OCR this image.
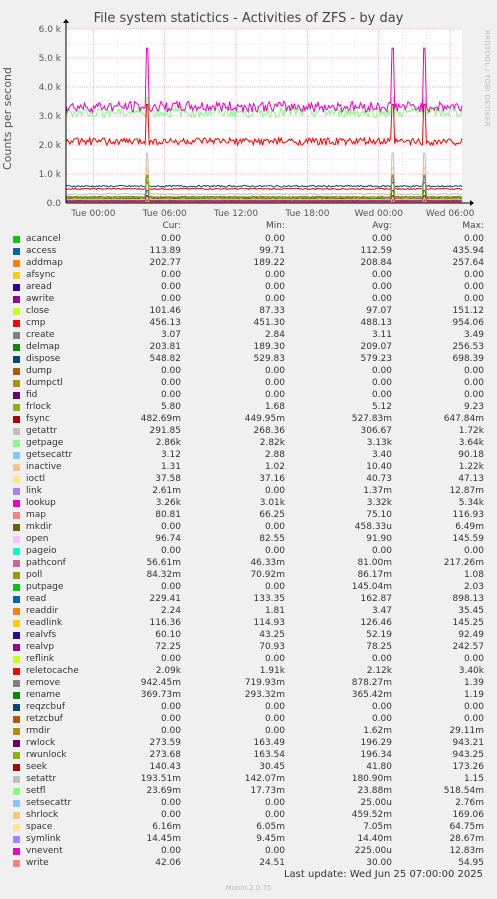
File system statictics - Activities of ZFS - by day
RRDTOOL / TOBI OETIKER
Counts per second
0.0
1.0 k
2.0 k
3.0 k
4.0 k
5.0 k
6.0 k
Tue 00:00	Tue 06:00	Tue 12:00	Tue 18:00	Wed 00:00	Wed 06:00
Cur:	Min:	Avg:	Max:
acancel	0.00	0.00	0.00	0.00
access	113.89	99.71	112.59	435.94
addmap	202.77	189.22	208.84	257.64
afsync	0.00	0.00	0.00	0.00
aread	0.00	0.00	0.00	0.00
awrite	0.00	0.00	0.00	0.00
close	101.46	87.33	97.07	151.12
cmp	456.13	451.30	488.13	954.06
create	3.07	2.84	3.11	3.49
delmap	203.81	189.30	209.07	256.53
dispose	548.82	529.83	579.23	698.39
dump	0.00	0.00	0.00	0.00
dumpctl	0.00	0.00	0.00	0.00
fid	0.00	0.00	0.00	0.00
frlock	5.80	1.68	5.12	9.23
fsync	482.69m	449.95m	527.83m	647.84m
getattr	291.85	268.36	306.67	1.72k
getpage	2.86k	2.82k	3.13k	3.64k
getsecattr	3.12	2.88	3.40	90.18
inactive	1.31	1.02	10.40	1.22k
ioctl	37.58	37.16	40.73	47.13
link	2.61m	0.00	1.37m	12.87m
lookup	3.26k	3.01k	3.32k	5.34k
map	80.81	66.25	75.10	116.93
mkdir	0.00	0.00	458.33u	6.49m
open	96.74	82.55	91.90	145.59
pageio	0.00	0.00	0.00	0.00
pathconf	56.61m	46.33m	81.00m	217.26m
poll	84.32m	70.92m	86.17m	1.08
putpage	0.00	0.00	145.04m	2.03
read	229.41	133.35	162.87	898.13
readdir	2.24	1.81	3.47	35.45
readlink	116.36	114.93	126.46	145.25
realvfs	60.10	43.25	52.19	92.49
realvp	72.25	70.93	78.25	242.57
reflink	0.00	0.00	0.00	0.00
reletocache	2.09k	1.91k	2.12k	3.40k
remove	942.45m	719.93m	878.27m	1.39
rename	369.73m	293.32m	365.42m	1.19
reqzcbuf	0.00	0.00	0.00	0.00
retzcbuf	0.00	0.00	0.00	0.00
rmdir	0.00	0.00	1.62m	29.11m
rwlock	273.59	163.49	196.29	943.21
rwunlock	273.68	163.54	196.34	943.25
seek	140.43	30.45	41.80	173.26
setattr	193.51m	142.07m	180.90m	1.15
setfl	23.69m	17.73m	23.88m	518.54m
setsecattr	0.00	0.00	25.00u	2.76m
shrlock	0.00	0.00	459.52m	169.06
space	6.16m	6.05m	7.05m	64.75m
symlink	14.45m	9.45m	14.40m	28.67m
vnevent	0.00	0.00	225.00u	12.83m
write	42.06	24.51	30.00	54.95
Last update: Wed Jun 25 07:00:00 2025
Munin 2.0.75
